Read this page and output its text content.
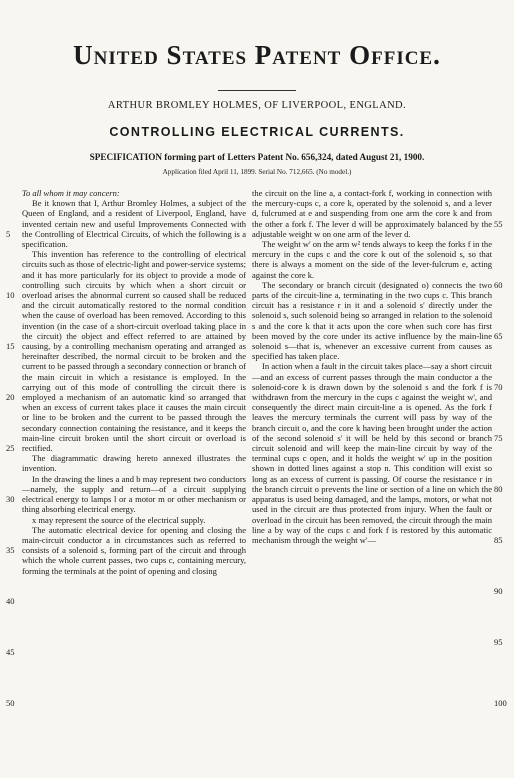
United States Patent Office.
ARTHUR BROMLEY HOLMES, OF LIVERPOOL, ENGLAND.
CONTROLLING ELECTRICAL CURRENTS.
SPECIFICATION forming part of Letters Patent No. 656,324, dated August 21, 1900.
Application filed April 11, 1899. Serial No. 712,665. (No model.)
5
10
15
20
25
30
35
40
45
50
55
60
65
70
75
80
85
90
95
100

To all whom it may concern:

Be it known that I, Arthur Bromley Holmes, a subject of the Queen of England, and a resident of Liverpool, England, have invented certain new and useful Improvements Connected with the Controlling of Electrical Circuits, of which the following is a specification.

This invention has reference to the controlling of electrical circuits such as those of electric-light and power-service systems; and it has more particularly for its object to provide a mode of controlling such circuits by which when a short circuit or overload arises the abnormal current so caused shall be reduced and the circuit automatically restored to the normal condition when the cause of overload has been removed. According to this invention (in the case of a short-circuit overload taking place in the circuit) the object and effect referred to are attained by causing, by a controlling mechanism operating and arranged as hereinafter described, the normal circuit to be broken and the current to be passed through a secondary connection or branch of the main circuit in which a resistance is employed. In the carrying out of this mode of controlling the circuit there is employed a mechanism of an automatic kind so arranged that when an excess of current takes place it causes the main circuit or line to be broken and the current to be passed through the secondary connection containing the resistance, and it keeps the main-line circuit broken until the short circuit or overload is rectified.

The diagrammatic drawing hereto annexed illustrates the invention.

In the drawing the lines a and b may represent two conductors—namely, the supply and return—of a circuit supplying electrical energy to lamps l or a motor m or other mechanism or thing absorbing electrical energy.

x may represent the source of the electrical supply.

The automatic electrical device for opening and closing the main-circuit conductor a in circumstances such as referred to consists of a solenoid s, forming part of the circuit and through which the whole current passes, two cups c, containing mercury, forming the terminals at the point of opening and closing

the circuit on the line a, a contact-fork f, working in connection with the mercury-cups c, a core k, operated by the solenoid s, and a lever d, fulcrumed at e and suspending from one arm the core k and from the other a fork f. The lever d will be approximately balanced by the adjustable weight w on one arm of the lever d.

The weight w' on the arm w² tends always to keep the forks f in the mercury in the cups c and the core k out of the solenoid s, so that there is always a moment on the side of the lever-fulcrum e, acting against the core k.

The secondary or branch circuit (designated o) connects the two parts of the circuit-line a, terminating in the two cups c. This branch circuit has a resistance r in it and a solenoid s' directly under the solenoid s, such solenoid being so arranged in relation to the solenoid s and the core k that it acts upon the core when such core has first been moved by the core under its active influence by the main-line solenoid s—that is, whenever an excessive current from causes as specified has taken place.

In action when a fault in the circuit takes place—say a short circuit—and an excess of current passes through the main conductor a the solenoid-core k is drawn down by the solenoid s and the fork f is withdrawn from the mercury in the cups c against the weight w', and consequently the direct main circuit-line a is opened. As the fork f leaves the mercury terminals the current will pass by way of the branch circuit o, and the core k having been brought under the action of the second solenoid s' it will be held by this second or branch circuit solenoid and will keep the main-line circuit by way of the terminal cups c open, and it holds the weight w' up in the position shown in dotted lines against a stop n. This condition will exist so long as an excess of current is passing. Of course the resistance r in the branch circuit o prevents the line or section of a line on which the apparatus is used being damaged, and the lamps, motors, or what not used in the circuit are thus protected from injury. When the fault or overload in the circuit has been removed, the circuit through the main line a by way of the cups c and fork f is restored by this automatic mechanism through the weight w'—
